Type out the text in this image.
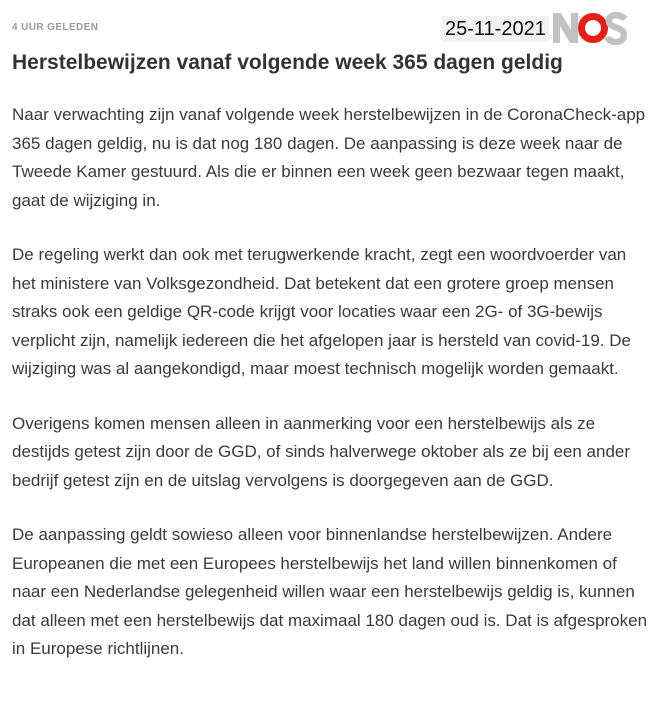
4 UUR GELEDEN	25-11-2021
Herstelbewijzen vanaf volgende week 365 dagen geldig

Naar verwachting zijn vanaf volgende week herstelbewijzen in de CoronaCheck-app 365 dagen geldig, nu is dat nog 180 dagen. De aanpassing is deze week naar de Tweede Kamer gestuurd. Als die er binnen een week geen bezwaar tegen maakt, gaat de wijziging in.

De regeling werkt dan ook met terugwerkende kracht, zegt een woordvoerder van het ministere van Volksgezondheid. Dat betekent dat een grotere groep mensen straks ook een geldige QR-code krijgt voor locaties waar een 2G- of 3G-bewijs verplicht zijn, namelijk iedereen die het afgelopen jaar is hersteld van covid-19. De wijziging was al aangekondigd, maar moest technisch mogelijk worden gemaakt.

Overigens komen mensen alleen in aanmerking voor een herstelbewijs als ze destijds getest zijn door de GGD, of sinds halverwege oktober als ze bij een ander bedrijf getest zijn en de uitslag vervolgens is doorgegeven aan de GGD.

De aanpassing geldt sowieso alleen voor binnenlandse herstelbewijzen. Andere Europeanen die met een Europees herstelbewijs het land willen binnenkomen of naar een Nederlandse gelegenheid willen waar een herstelbewijs geldig is, kunnen dat alleen met een herstelbewijs dat maximaal 180 dagen oud is. Dat is afgesproken in Europese richtlijnen.
